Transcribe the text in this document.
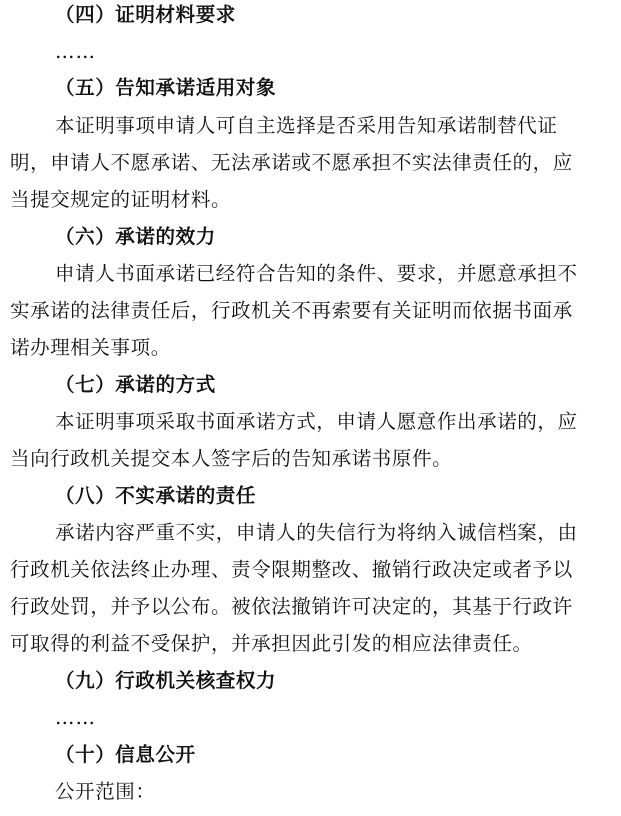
（四）证明材料要求
……
（五）告知承诺适用对象
本证明事项申请人可自主选择是否采用告知承诺制替代证
明，申请人不愿承诺、无法承诺或不愿承担不实法律责任的，应
当提交规定的证明材料。
（六）承诺的效力
申请人书面承诺已经符合告知的条件、要求，并愿意承担不
实承诺的法律责任后，行政机关不再索要有关证明而依据书面承
诺办理相关事项。
（七）承诺的方式
本证明事项采取书面承诺方式，申请人愿意作出承诺的，应
当向行政机关提交本人签字后的告知承诺书原件。
（八）不实承诺的责任
承诺内容严重不实，申请人的失信行为将纳入诚信档案，由
行政机关依法终止办理、责令限期整改、撤销行政决定或者予以
行政处罚，并予以公布。被依法撤销许可决定的，其基于行政许
可取得的利益不受保护，并承担因此引发的相应法律责任。
（九）行政机关核查权力
……
（十）信息公开
公开范围：
